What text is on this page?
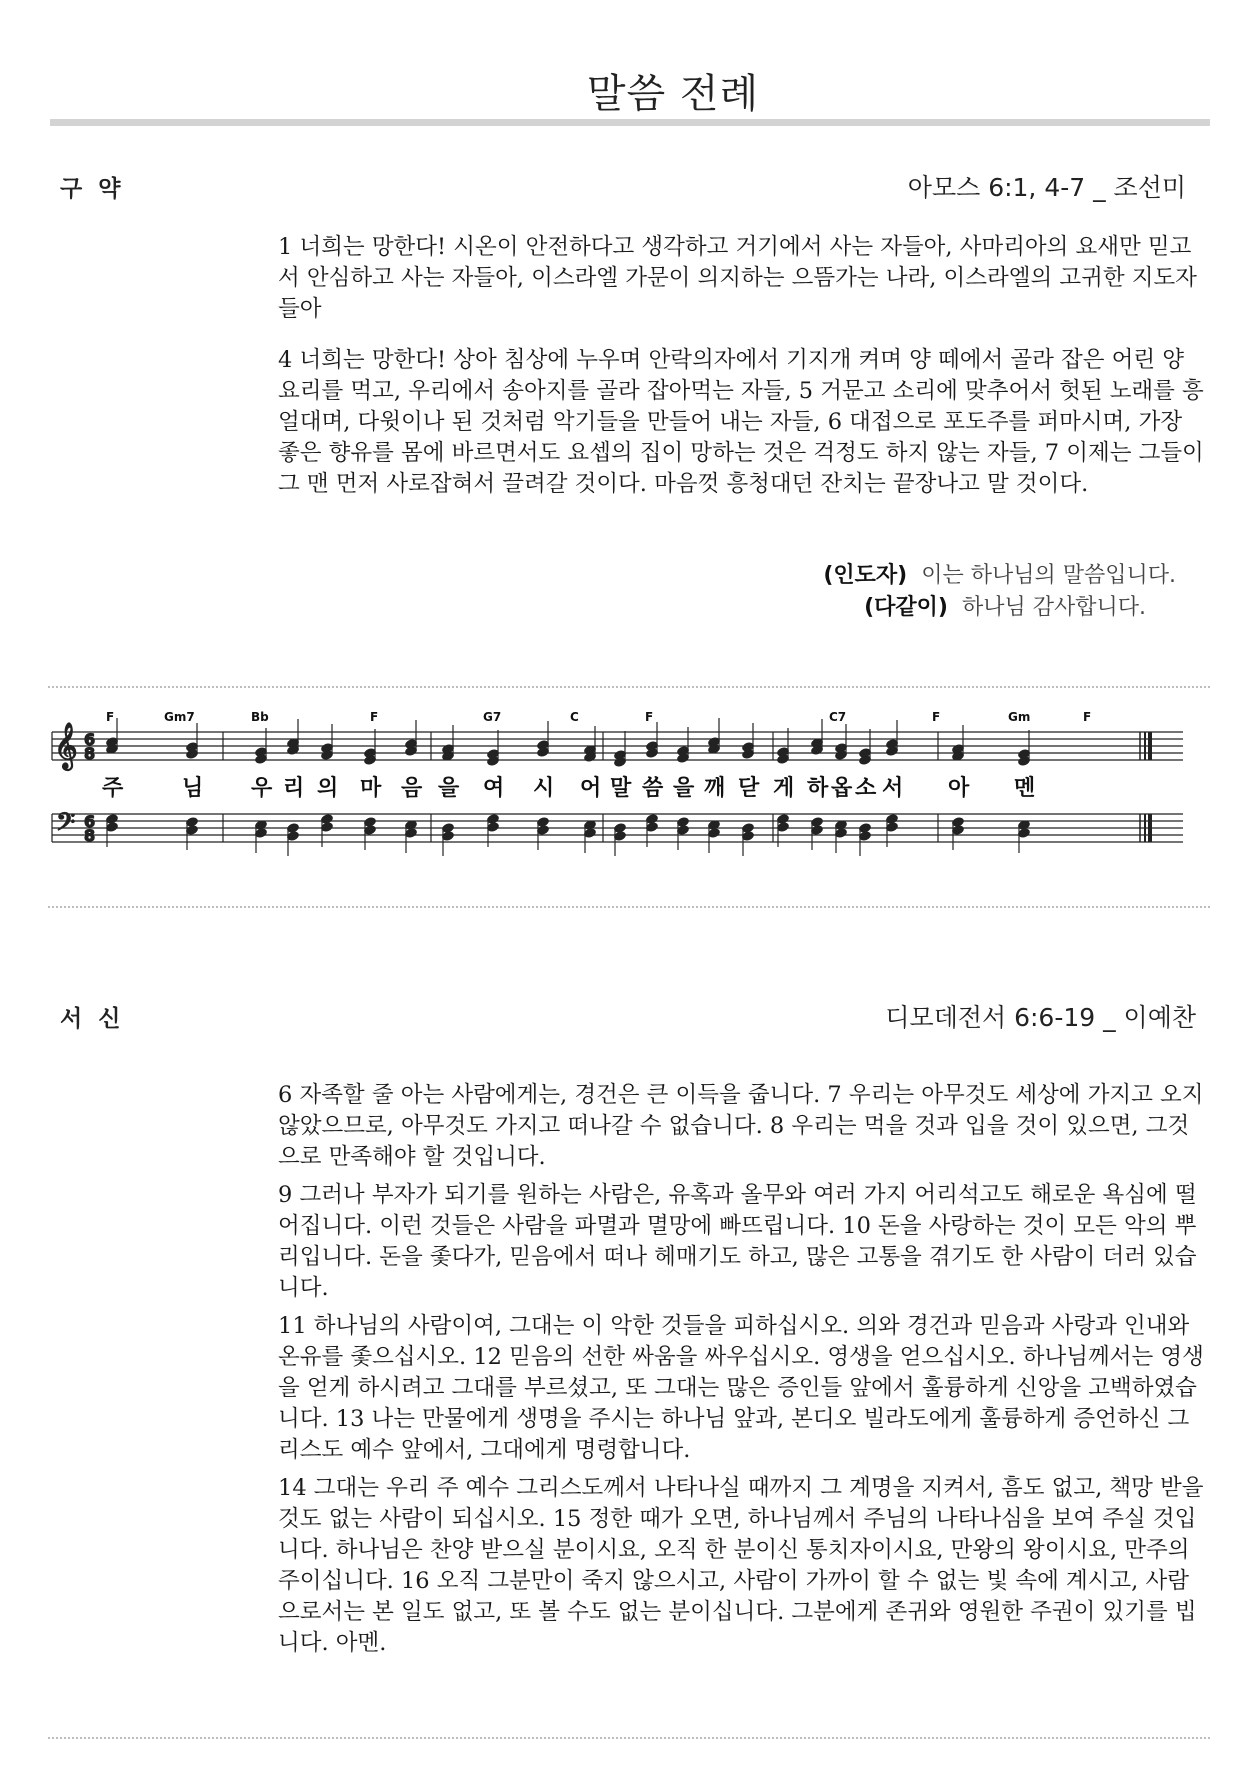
말씀 전례
구 약	아모스 6:1, 4-7 _ 조선미
1 너희는 망한다! 시온이 안전하다고 생각하고 거기에서 사는 자들아, 사마리아의 요새만 믿고서 안심하고 사는 자들아, 이스라엘 가문이 의지하는 으뜸가는 나라, 이스라엘의 고귀한 지도자들아
4 너희는 망한다! 상아 침상에 누우며 안락의자에서 기지개 켜며 양 떼에서 골라 잡은 어린 양 요리를 먹고, 우리에서 송아지를 골라 잡아먹는 자들, 5 거문고 소리에 맞추어서 헛된 노래를 흥얼대며, 다윗이나 된 것처럼 악기들을 만들어 내는 자들, 6 대접으로 포도주를 퍼마시며, 가장 좋은 향유를 몸에 바르면서도 요셉의 집이 망하는 것은 걱정도 하지 않는 자들, 7 이제는 그들이 그 맨 먼저 사로잡혀서 끌려갈 것이다. 마음껏 흥청대던 잔치는 끝장나고 말 것이다.
(인도자) 이는 하나님의 말씀입니다.
(다같이) 하나님 감사합니다.
𝄞 6
8
6
8
𝄢
F	Gm7	Bb	F	G7	C	F	C7	F	Gm	F
주	님 우 리 의 마 음 을 여 시 어 말 씀 을 깨 닫 게 하 옵 소 서 아 멘
서 신	디모데전서 6:6-19 _ 이예찬
6 자족할 줄 아는 사람에게는, 경건은 큰 이득을 줍니다. 7 우리는 아무것도 세상에 가지고 오지 않았으므로, 아무것도 가지고 떠나갈 수 없습니다. 8 우리는 먹을 것과 입을 것이 있으면, 그것으로 만족해야 할 것입니다.
9 그러나 부자가 되기를 원하는 사람은, 유혹과 올무와 여러 가지 어리석고도 해로운 욕심에 떨어집니다. 이런 것들은 사람을 파멸과 멸망에 빠뜨립니다. 10 돈을 사랑하는 것이 모든 악의 뿌리입니다. 돈을 좇다가, 믿음에서 떠나 헤매기도 하고, 많은 고통을 겪기도 한 사람이 더러 있습니다.
11 하나님의 사람이여, 그대는 이 악한 것들을 피하십시오. 의와 경건과 믿음과 사랑과 인내와 온유를 좇으십시오. 12 믿음의 선한 싸움을 싸우십시오. 영생을 얻으십시오. 하나님께서는 영생을 얻게 하시려고 그대를 부르셨고, 또 그대는 많은 증인들 앞에서 훌륭하게 신앙을 고백하였습니다. 13 나는 만물에게 생명을 주시는 하나님 앞과, 본디오 빌라도에게 훌륭하게 증언하신 그리스도 예수 앞에서, 그대에게 명령합니다.
14 그대는 우리 주 예수 그리스도께서 나타나실 때까지 그 계명을 지켜서, 흠도 없고, 책망 받을 것도 없는 사람이 되십시오. 15 정한 때가 오면, 하나님께서 주님의 나타나심을 보여 주실 것입니다. 하나님은 찬양 받으실 분이시요, 오직 한 분이신 통치자이시요, 만왕의 왕이시요, 만주의 주이십니다. 16 오직 그분만이 죽지 않으시고, 사람이 가까이 할 수 없는 빛 속에 계시고, 사람으로서는 본 일도 없고, 또 볼 수도 없는 분이십니다. 그분에게 존귀와 영원한 주권이 있기를 빕니다. 아멘.
